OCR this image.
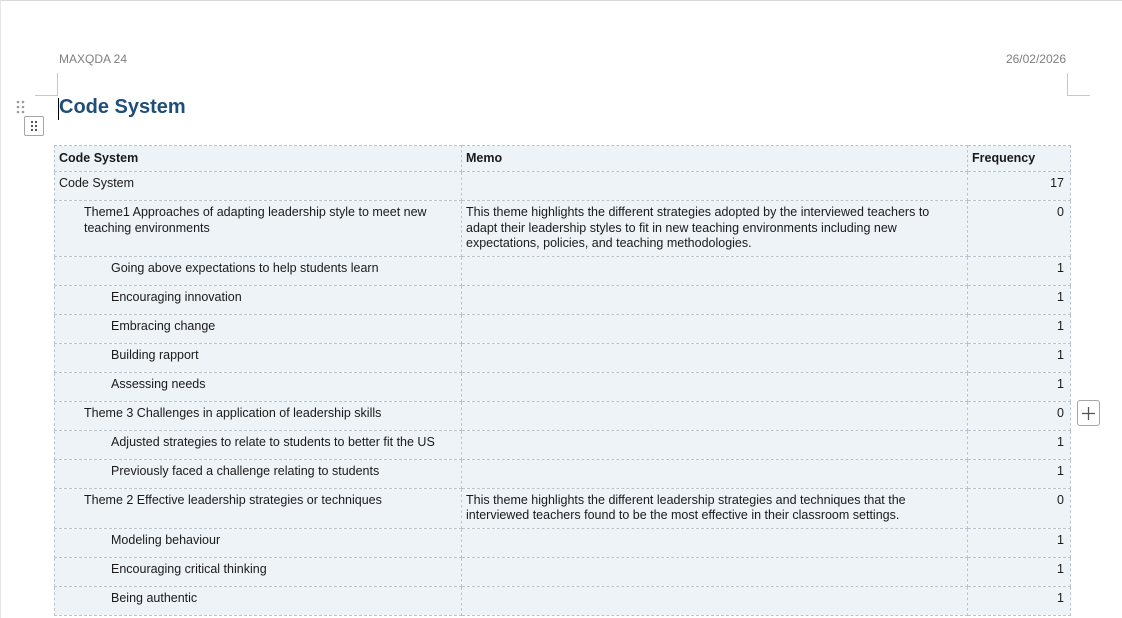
MAXQDA 24	26/02/2026
Code System
Code System	Memo	Frequency
Code System		17
Theme1 Approaches of adapting leadership style to meet new teaching environments	This theme highlights the different strategies adopted by the interviewed teachers to adapt their leadership styles to fit in new teaching environments including new expectations, policies, and teaching methodologies.	0
Going above expectations to help students learn		1
Encouraging innovation		1
Embracing change		1
Building rapport		1
Assessing needs		1
Theme 3 Challenges in application of leadership skills		0
Adjusted strategies to relate to students to better fit the US		1
Previously faced a challenge relating to students		1
Theme 2 Effective leadership strategies or techniques	This theme highlights the different leadership strategies and techniques that the interviewed teachers found to be the most effective in their classroom settings.	0
Modeling behaviour		1
Encouraging critical thinking		1
Being authentic		1
